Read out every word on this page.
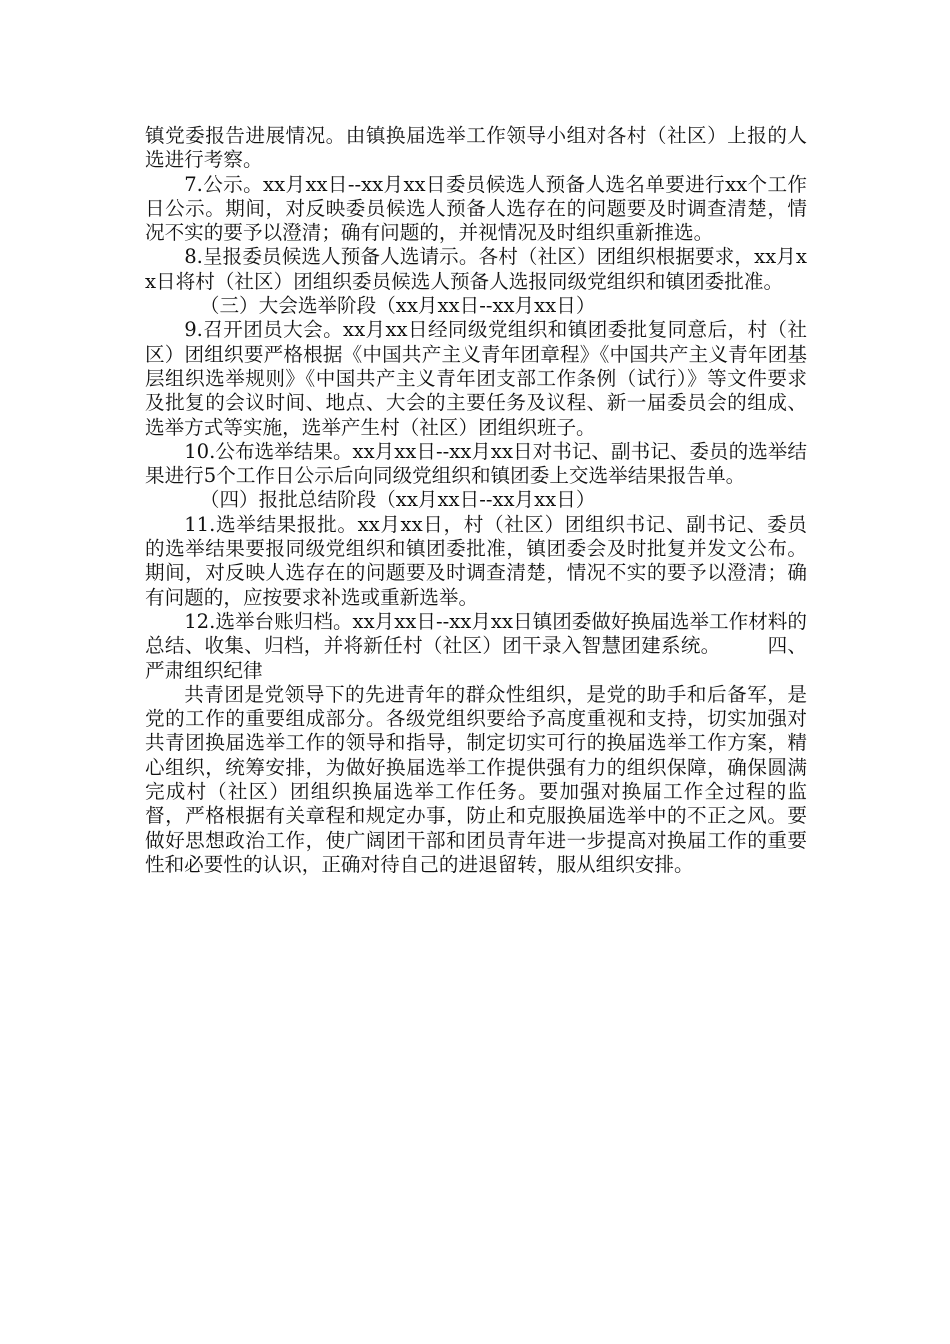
镇党委报告进展情况。由镇换届选举工作领导小组对各村（社区）上报的人选进行考察。

7.公示。xx月xx日--xx月xx日委员候选人预备人选名单要进行xx个工作日公示。期间，对反映委员候选人预备人选存在的问题要及时调查清楚，情况不实的要予以澄清；确有问题的，并视情况及时组织重新推选。

8.呈报委员候选人预备人选请示。各村（社区）团组织根据要求，xx月xx日将村（社区）团组织委员候选人预备人选报同级党组织和镇团委批准。

（三）大会选举阶段（xx月xx日--xx月xx日）

9.召开团员大会。xx月xx日经同级党组织和镇团委批复同意后，村（社区）团组织要严格根据《中国共产主义青年团章程》《中国共产主义青年团基层组织选举规则》《中国共产主义青年团支部工作条例（试行）》等文件要求及批复的会议时间、地点、大会的主要任务及议程、新一届委员会的组成、选举方式等实施，选举产生村（社区）团组织班子。

10.公布选举结果。xx月xx日--xx月xx日对书记、副书记、委员的选举结果进行5个工作日公示后向同级党组织和镇团委上交选举结果报告单。

（四）报批总结阶段（xx月xx日--xx月xx日）

11.选举结果报批。xx月xx日，村（社区）团组织书记、副书记、委员的选举结果要报同级党组织和镇团委批准，镇团委会及时批复并发文公布。期间，对反映人选存在的问题要及时调查清楚，情况不实的要予以澄清；确有问题的，应按要求补选或重新选举。

12.选举台账归档。xx月xx日--xx月xx日镇团委做好换届选举工作材料的总结、收集、归档，并将新任村（社区）团干录入智慧团建系统。 四、严肃组织纪律

共青团是党领导下的先进青年的群众性组织，是党的助手和后备军，是党的工作的重要组成部分。各级党组织要给予高度重视和支持，切实加强对共青团换届选举工作的领导和指导，制定切实可行的换届选举工作方案，精心组织，统筹安排，为做好换届选举工作提供强有力的组织保障，确保圆满完成村（社区）团组织换届选举工作任务。要加强对换届工作全过程的监督，严格根据有关章程和规定办事，防止和克服换届选举中的不正之风。要做好思想政治工作，使广阔团干部和团员青年进一步提高对换届工作的重要性和必要性的认识，正确对待自己的进退留转，服从组织安排。
